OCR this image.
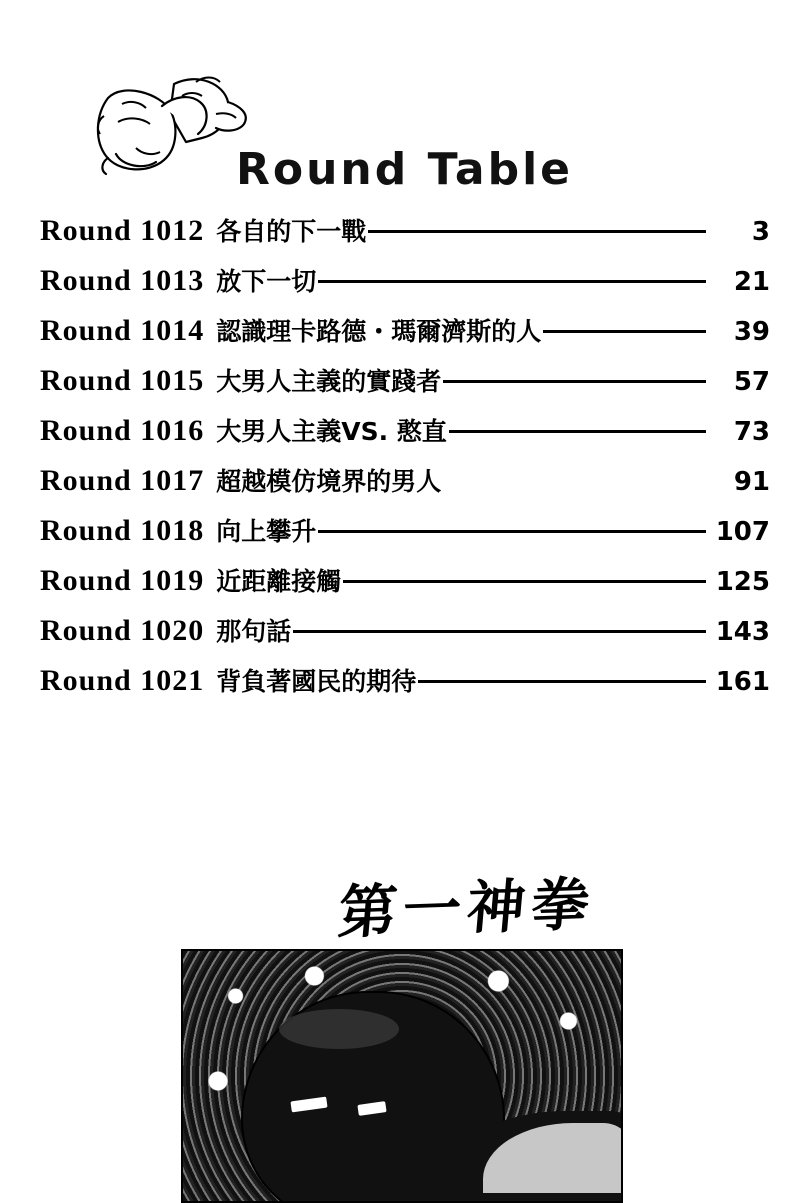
Round Table
Round 1012 各自的下一戰	3
Round 1013 放下一切	21
Round 1014 認識理卡路德・瑪爾濟斯的人	39
Round 1015 大男人主義的實踐者	57
Round 1016 大男人主義VS. 憨直	73
Round 1017 超越模仿境界的男人	91
Round 1018 向上攀升	107
Round 1019 近距離接觸	125
Round 1020 那句話	143
Round 1021 背負著國民的期待	161
第一神拳
